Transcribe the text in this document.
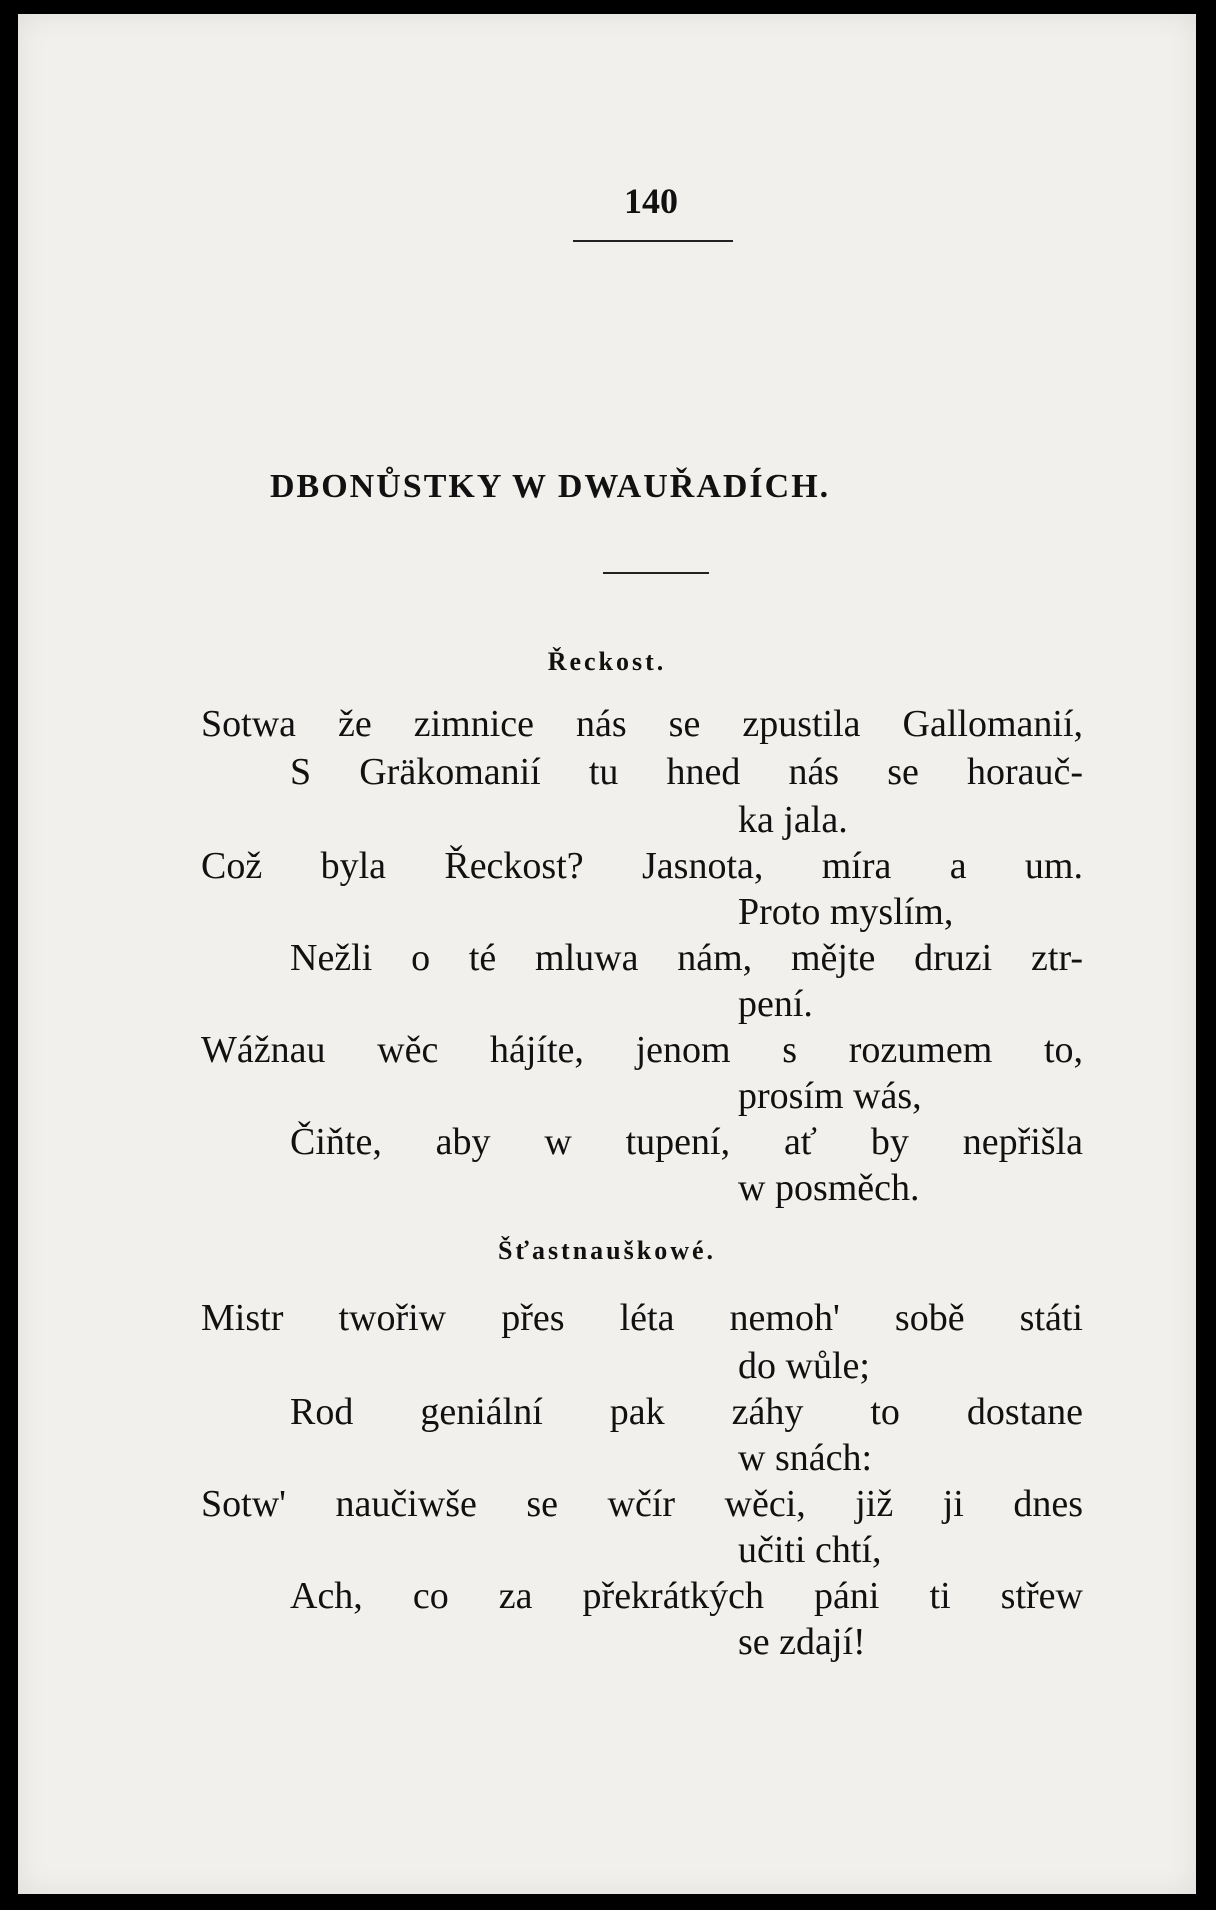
140
DBONŮSTKY W DWAUŘADÍCH.
Řeckost.
Sotwa že zimnice nás se zpustila Gallomanií,
S Gräkomanií tu hned nás se horauč-
ka jala.
Což byla Řeckost? Jasnota, míra a um.
Proto myslím,
Nežli o té mluwa nám, mějte druzi ztr-
pení.
Wážnau wěc hájíte, jenom s rozumem to,
prosím wás,
Čiňte, aby w tupení, ať by nepřišla
w posměch.
Šťastnauškowé.
Mistr twořiw přes léta nemoh' sobě státi
do wůle;
Rod geniální pak záhy to dostane
w snách:
Sotw' naučiwše se wčír wěci, již ji dnes
učiti chtí,
Ach, co za překrátkých páni ti střew
se zdají!
